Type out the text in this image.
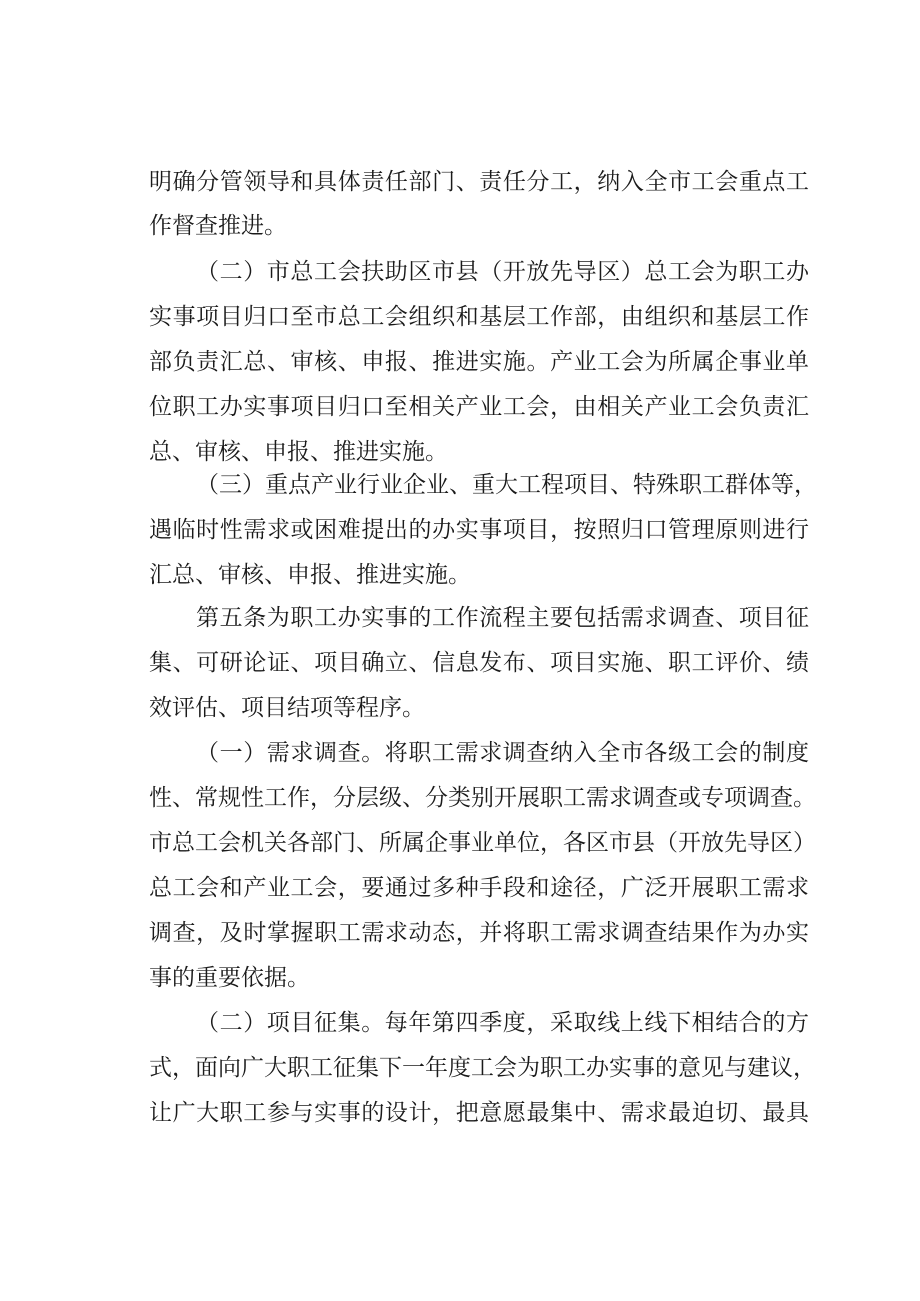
明确分管领导和具体责任部门、责任分工，纳入全市工会重点工
作督查推进。
（二）市总工会扶助区市县（开放先导区）总工会为职工办
实事项目归口至市总工会组织和基层工作部，由组织和基层工作
部负责汇总、审核、申报、推进实施。产业工会为所属企事业单
位职工办实事项目归口至相关产业工会，由相关产业工会负责汇
总、审核、申报、推进实施。
（三）重点产业行业企业、重大工程项目、特殊职工群体等，
遇临时性需求或困难提出的办实事项目，按照归口管理原则进行
汇总、审核、申报、推进实施。
第五条为职工办实事的工作流程主要包括需求调查、项目征
集、可研论证、项目确立、信息发布、项目实施、职工评价、绩
效评估、项目结项等程序。
（一）需求调查。将职工需求调查纳入全市各级工会的制度
性、常规性工作，分层级、分类别开展职工需求调查或专项调查。
市总工会机关各部门、所属企事业单位，各区市县（开放先导区）
总工会和产业工会，要通过多种手段和途径，广泛开展职工需求
调查，及时掌握职工需求动态，并将职工需求调查结果作为办实
事的重要依据。
（二）项目征集。每年第四季度，采取线上线下相结合的方
式，面向广大职工征集下一年度工会为职工办实事的意见与建议，
让广大职工参与实事的设计，把意愿最集中、需求最迫切、最具
